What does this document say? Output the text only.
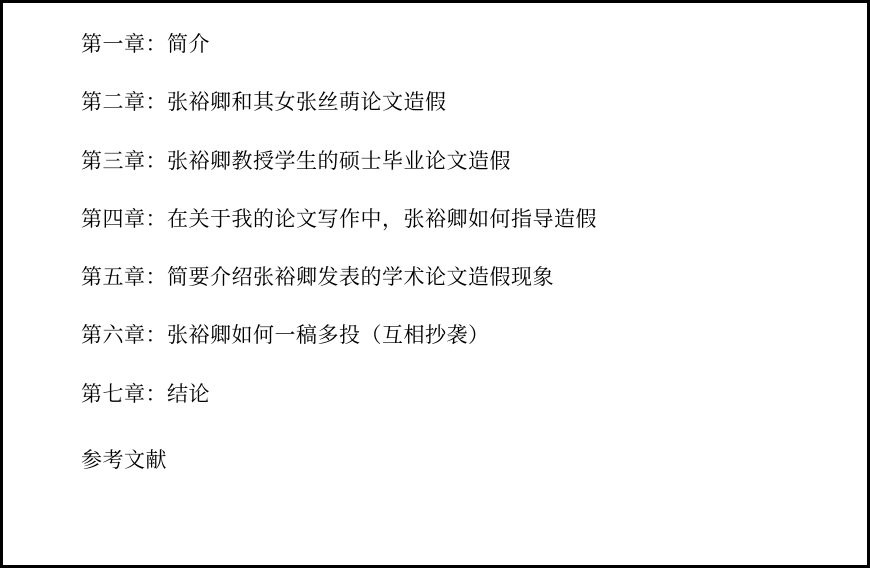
第一章：简介
第二章：张裕卿和其女张丝萌论文造假
第三章：张裕卿教授学生的硕士毕业论文造假
第四章：在关于我的论文写作中，张裕卿如何指导造假
第五章：简要介绍张裕卿发表的学术论文造假现象
第六章：张裕卿如何一稿多投（互相抄袭）
第七章：结论
参考文献
